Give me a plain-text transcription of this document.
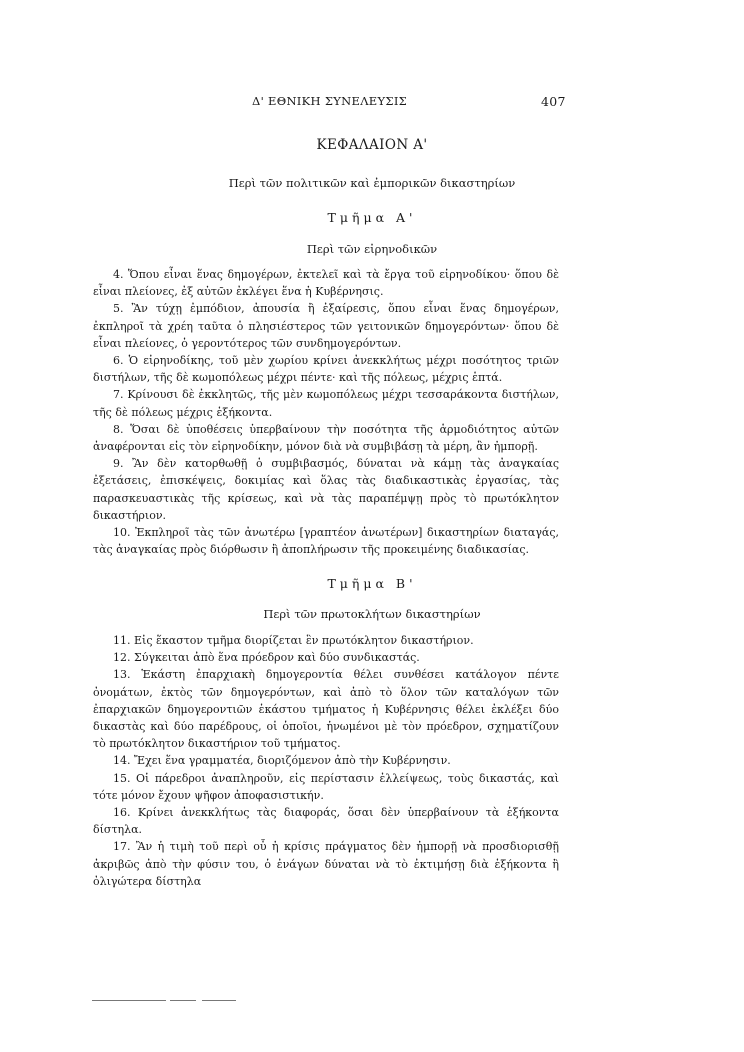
Δ' ΕΘΝΙΚΗ ΣΥΝΕΛΕΥΣΙΣ	407
ΚΕΦΑΛΑΙΟΝ Α'
Περὶ τῶν πολιτικῶν καὶ ἐμπορικῶν δικαστηρίων
Τμῆμα Α'
Περὶ τῶν εἰρηνοδικῶν

4. Ὅπου εἶναι ἕνας δημογέρων, ἐκτελεῖ καὶ τὰ ἔργα τοῦ εἰρηνοδίκου· ὅπου δὲ εἶναι πλείονες, ἐξ αὐτῶν ἐκλέγει ἕνα ἡ Κυβέρνησις.

5. Ἂν τύχῃ ἐμπόδιον, ἀπουσία ἢ ἐξαίρεσις, ὅπου εἶναι ἕνας δημογέρων, ἐκπληροῖ τὰ χρέη ταῦτα ὁ πλησιέστερος τῶν γειτονικῶν δημογερόντων· ὅπου δὲ εἶναι πλείονες, ὁ γεροντότερος τῶν συνδημογερόντων.

6. Ὁ εἰρηνοδίκης, τοῦ μὲν χωρίου κρίνει ἀνεκκλήτως μέχρι ποσότητος τριῶν διστήλων, τῆς δὲ κωμοπόλεως μέχρι πέντε· καὶ τῆς πόλεως, μέχρις ἑπτά.

7. Κρίνουσι δὲ ἐκκλητῶς, τῆς μὲν κωμοπόλεως μέχρι τεσσαράκοντα διστήλων, τῆς δὲ πόλεως μέχρις ἑξήκοντα.

8. Ὅσαι δὲ ὑποθέσεις ὑπερβαίνουν τὴν ποσότητα τῆς ἁρμοδιότητος αὐτῶν ἀναφέρονται εἰς τὸν εἰρηνοδίκην, μόνον διὰ νὰ συμβιβάσῃ τὰ μέρη, ἂν ἠμπορῇ.

9. Ἂν δὲν κατορθωθῇ ὁ συμβιβασμός, δύναται νὰ κάμῃ τὰς ἀναγκαίας ἐξετάσεις, ἐπισκέψεις, δοκιμίας καὶ ὅλας τὰς διαδικαστικὰς ἐργασίας, τὰς παρασκευαστικὰς τῆς κρίσεως, καὶ νὰ τὰς παραπέμψῃ πρὸς τὸ πρωτόκλητον δικαστήριον.

10. Ἐκπληροῖ τὰς τῶν ἀνωτέρω [γραπτέον ἀνωτέρων] δικαστηρίων διαταγάς, τὰς ἀναγκαίας πρὸς διόρθωσιν ἢ ἀποπλήρωσιν τῆς προκειμένης διαδικασίας.

Τμῆμα Β'
Περὶ τῶν πρωτοκλήτων δικαστηρίων

11. Εἰς ἕκαστον τμῆμα διορίζεται ἓν πρωτόκλητον δικαστήριον.

12. Σύγκειται ἀπὸ ἕνα πρόεδρον καὶ δύο συνδικαστάς.

13. Ἑκάστη ἐπαρχιακὴ δημογεροντία θέλει συνθέσει κατάλογον πέντε ὀνομάτων, ἐκτὸς τῶν δημογερόντων, καὶ ἀπὸ τὸ ὅλον τῶν καταλόγων τῶν ἐπαρχιακῶν δημογεροντιῶν ἑκάστου τμήματος ἡ Κυβέρνησις θέλει ἐκλέξει δύο δικαστὰς καὶ δύο παρέδρους, οἱ ὁποῖοι, ἡνωμένοι μὲ τὸν πρόεδρον, σχηματίζουν τὸ πρωτόκλητον δικαστήριον τοῦ τμήματος.

14. Ἔχει ἕνα γραμματέα, διοριζόμενον ἀπὸ τὴν Κυβέρνησιν.

15. Οἱ πάρεδροι ἀναπληροῦν, εἰς περίστασιν ἐλλείψεως, τοὺς δικαστάς, καὶ τότε μόνον ἔχουν ψῆφον ἀποφασιστικήν.

16. Κρίνει ἀνεκκλήτως τὰς διαφοράς, ὅσαι δὲν ὑπερβαίνουν τὰ ἑξήκοντα δίστηλα.

17. Ἂν ἡ τιμὴ τοῦ περὶ οὗ ἡ κρίσις πράγματος δὲν ἠμπορῇ νὰ προσδιορισθῇ ἀκριβῶς ἀπὸ τὴν φύσιν του, ὁ ἐνάγων δύναται νὰ τὸ ἐκτιμήσῃ διὰ ἑξήκοντα ἢ ὀλιγώτερα δίστηλα
